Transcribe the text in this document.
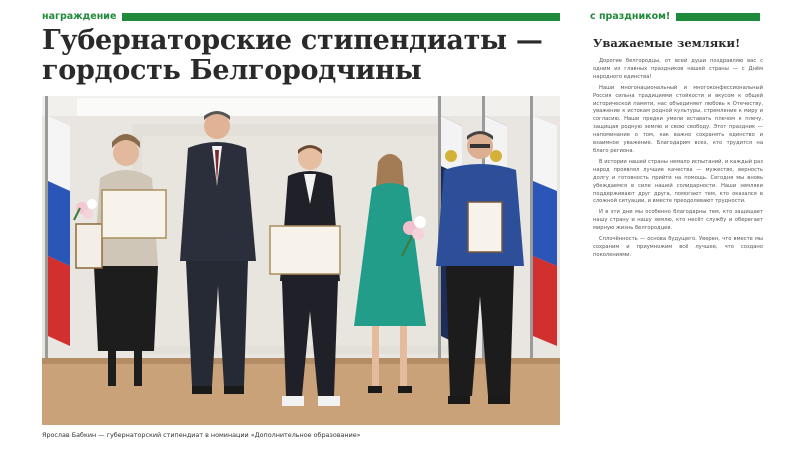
награждение
Губернаторские стипендиаты —
гордость Белгородчины
Ярослав Бабкин — губернаторский стипендиат в номинации «Дополнительное образование»
с праздником!
Уважаемые земляки!

Дорогие белгородцы, от всей души поздравляю вас с одним из главных праздников нашей страны — с Днём народного единства!

Наши многонациональный и многоконфессиональный Россия сильна традициями стойкости и вкусом к общей исторической памяти, нас объединяет любовь к Отечеству, уважение к истокам родной культуры, стремление к миру и согласию. Наши предки умели вставать плечом к плечу, защищая родную землю и свою свободу. Этот праздник — напоминание о том, как важно сохранять единство и взаимное уважение. Благодарим всех, кто трудится на благо региона.

В истории нашей страны немало испытаний, и каждый раз народ проявлял лучшие качества — мужество, верность долгу и готовность прийти на помощь. Сегодня мы вновь убеждаемся в силе нашей солидарности. Наши земляки поддерживают друг друга, помогают тем, кто оказался в сложной ситуации, и вместе преодолевают трудности.

И в эти дни мы особенно благодарны тем, кто защищает нашу страну и нашу землю, кто несёт службу и оберегает мирную жизнь белгородцев.

Сплочённость — основа будущего. Уверен, что вместе мы сохраним и приумножим всё лучшее, что создано поколениями.
